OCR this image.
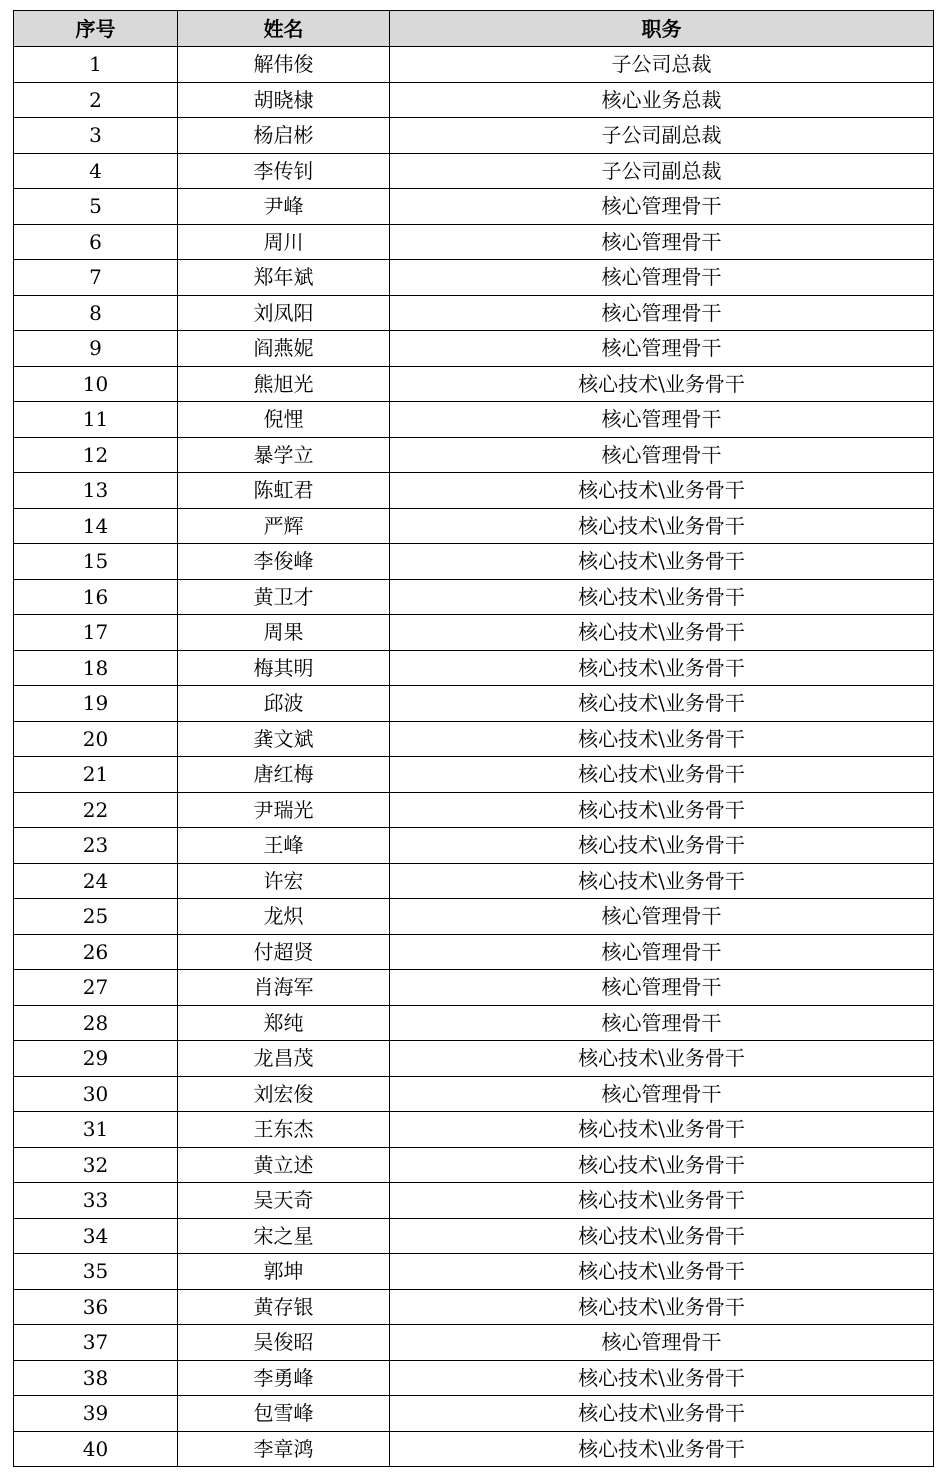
序号	姓名	职务
1	解伟俊	子公司总裁
2	胡晓棣	核心业务总裁
3	杨启彬	子公司副总裁
4	李传钊	子公司副总裁
5	尹峰	核心管理骨干
6	周川	核心管理骨干
7	郑年斌	核心管理骨干
8	刘凤阳	核心管理骨干
9	阎燕妮	核心管理骨干
10	熊旭光	核心技术\业务骨干
11	倪悝	核心管理骨干
12	暴学立	核心管理骨干
13	陈虹君	核心技术\业务骨干
14	严辉	核心技术\业务骨干
15	李俊峰	核心技术\业务骨干
16	黄卫才	核心技术\业务骨干
17	周果	核心技术\业务骨干
18	梅其明	核心技术\业务骨干
19	邱波	核心技术\业务骨干
20	龚文斌	核心技术\业务骨干
21	唐红梅	核心技术\业务骨干
22	尹瑞光	核心技术\业务骨干
23	王峰	核心技术\业务骨干
24	许宏	核心技术\业务骨干
25	龙炽	核心管理骨干
26	付超贤	核心管理骨干
27	肖海军	核心管理骨干
28	郑纯	核心管理骨干
29	龙昌茂	核心技术\业务骨干
30	刘宏俊	核心管理骨干
31	王东杰	核心技术\业务骨干
32	黄立述	核心技术\业务骨干
33	吴天奇	核心技术\业务骨干
34	宋之星	核心技术\业务骨干
35	郭坤	核心技术\业务骨干
36	黄存银	核心技术\业务骨干
37	吴俊昭	核心管理骨干
38	李勇峰	核心技术\业务骨干
39	包雪峰	核心技术\业务骨干
40	李章鸿	核心技术\业务骨干
